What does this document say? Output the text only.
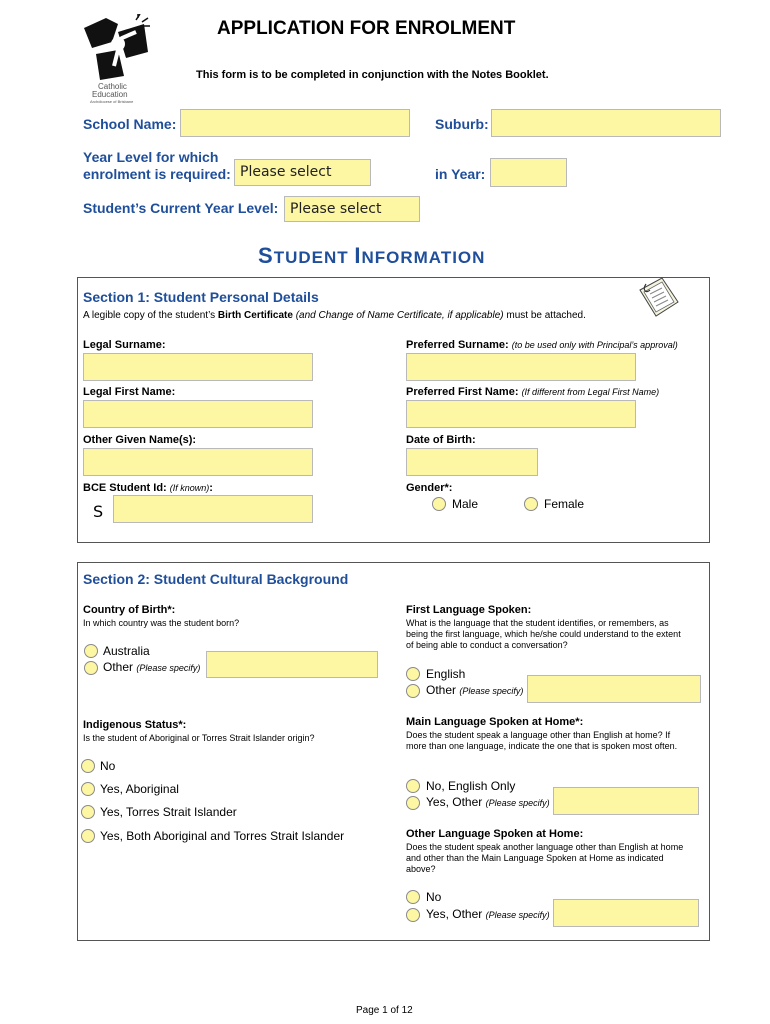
Catholic
Education
Archdiocese of Brisbane
APPLICATION FOR ENROLMENT
This form is to be completed in conjunction with the Notes Booklet.
School Name:	Suburb:
Year Level for which
enrolment is required: Please select	in Year:
Student’s Current Year Level: Please select
STUDENT INFORMATION
Section 1: Student Personal Details
A legible copy of the student’s Birth Certificate (and Change of Name Certificate, if applicable) must be attached.
Legal Surname:	Preferred Surname: (to be used only with Principal’s approval)
Legal First Name:	Preferred First Name: (If different from Legal First Name)
Other Given Name(s):	Date of Birth:
BCE Student Id: (If known):
S
Gender*:
Male	Female
Section 2: Student Cultural Background
Country of Birth*:
In which country was the student born?
Australia
Other (Please specify)
First Language Spoken:
What is the language that the student identifies, or remembers, as being the first language, which he/she could understand to the extent of being able to conduct a conversation?
English
Other (Please specify)
Indigenous Status*:
Is the student of Aboriginal or Torres Strait Islander origin?
No
Yes, Aboriginal
Yes, Torres Strait Islander
Yes, Both Aboriginal and Torres Strait Islander
Main Language Spoken at Home*:
Does the student speak a language other than English at home? If more than one language, indicate the one that is spoken most often.
No, English Only
Yes, Other (Please specify)
Other Language Spoken at Home:
Does the student speak another language other than English at home and other than the Main Language Spoken at Home as indicated above?
No
Yes, Other (Please specify)
Page 1 of 12
